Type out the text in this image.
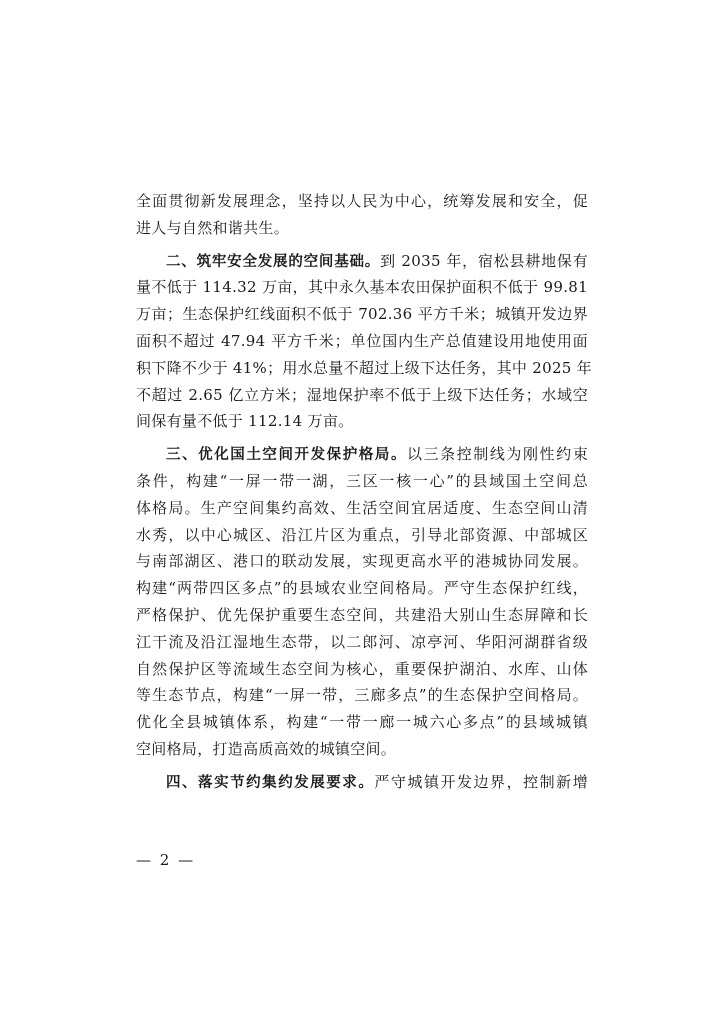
全面贯彻新发展理念，坚持以人民为中心，统筹发展和安全，促
进人与自然和谐共生。
二、筑牢安全发展的空间基础。到 2035 年，宿松县耕地保有
量不低于 114.32 万亩，其中永久基本农田保护面积不低于 99.81
万亩；生态保护红线面积不低于 702.36 平方千米；城镇开发边界
面积不超过 47.94 平方千米；单位国内生产总值建设用地使用面
积下降不少于 41%；用水总量不超过上级下达任务，其中 2025 年
不超过 2.65 亿立方米；湿地保护率不低于上级下达任务；水域空
间保有量不低于 112.14 万亩。
三、优化国土空间开发保护格局。以三条控制线为刚性约束
条件，构建“一屏一带一湖，三区一核一心”的县域国土空间总
体格局。生产空间集约高效、生活空间宜居适度、生态空间山清
水秀，以中心城区、沿江片区为重点，引导北部资源、中部城区
与南部湖区、港口的联动发展，实现更高水平的港城协同发展。
构建“两带四区多点”的县域农业空间格局。严守生态保护红线，
严格保护、优先保护重要生态空间，共建沿大别山生态屏障和长
江干流及沿江湿地生态带，以二郎河、凉亭河、华阳河湖群省级
自然保护区等流域生态空间为核心，重要保护湖泊、水库、山体
等生态节点，构建“一屏一带，三廊多点”的生态保护空间格局。
优化全县城镇体系，构建“一带一廊一城六心多点”的县域城镇
空间格局，打造高质高效的城镇空间。
四、落实节约集约发展要求。严守城镇开发边界，控制新增
— 2 —
